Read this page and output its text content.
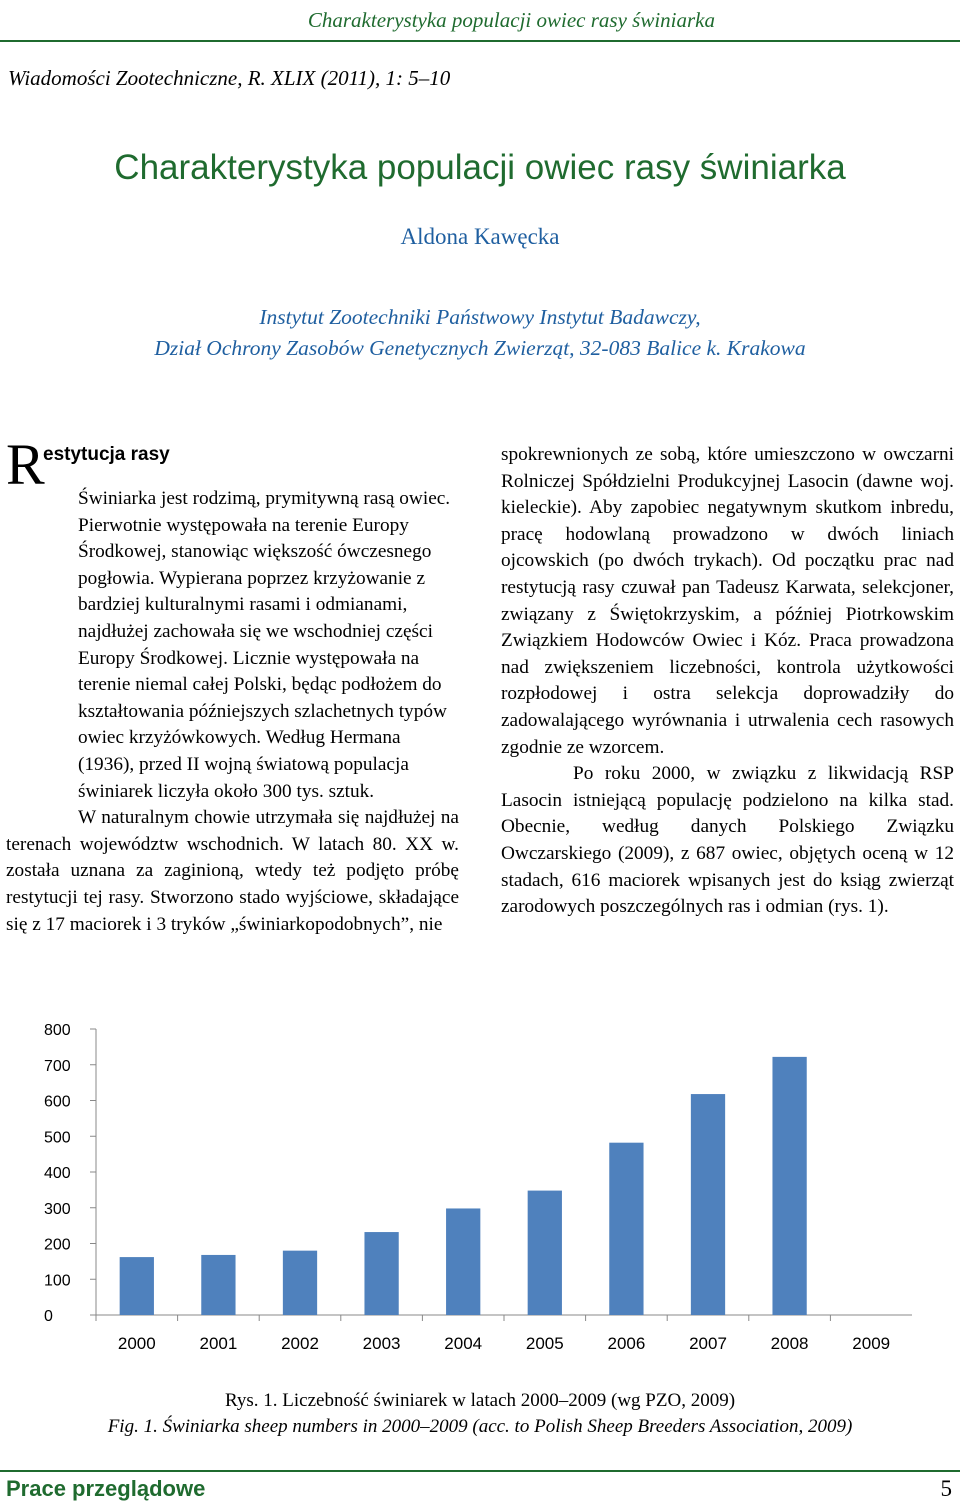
Charakterystyka populacji owiec rasy świniarka
Wiadomości Zootechniczne, R. XLIX (2011), 1: 5–10
Charakterystyka populacji owiec rasy świniarka
Aldona Kawęcka
Instytut Zootechniki Państwowy Instytut Badawczy,
Dział Ochrony Zasobów Genetycznych Zwierząt, 32-083 Balice k. Krakowa
R
estytucja rasy

Świniarka jest rodzimą, prymitywną rasą owiec. Pierwotnie występowała na terenie Europy Środkowej, stanowiąc większość ówczesnego pogłowia. Wypierana poprzez krzyżowanie z bardziej kulturalnymi rasami i odmianami, najdłużej zachowała się we wschodniej części Europy Środkowej. Licznie występowała na terenie niemal całej Polski, będąc podłożem do kształtowania późniejszych szlachetnych typów owiec krzyżówkowych. Według Hermana (1936), przed II wojną światową populacja świniarek liczyła około 300 tys. sztuk.

W naturalnym chowie utrzymała się najdłużej na terenach województw wschodnich. W latach 80. XX w. została uznana za zaginioną, wtedy też podjęto próbę restytucji tej rasy. Stworzono stado wyjściowe, składające się z 17 maciorek i 3 tryków „świniarkopodobnych”, nie

spokrewnionych ze sobą, które umieszczono w owczarni Rolniczej Spółdzielni Produkcyjnej Lasocin (dawne woj. kieleckie). Aby zapobiec negatywnym skutkom inbredu, pracę hodowlaną prowadzono w dwóch liniach ojcowskich (po dwóch trykach). Od początku prac nad restytucją rasy czuwał pan Tadeusz Karwata, selekcjoner, związany z Świętokrzyskim, a później Piotrkowskim Związkiem Hodowców Owiec i Kóz. Praca prowadzona nad zwiększeniem liczebności, kontrola użytkowości rozpłodowej i ostra selekcja doprowadziły do zadowalającego wyrównania i utrwalenia cech rasowych zgodnie ze wzorcem.

Po roku 2000, w związku z likwidacją RSP Lasocin istniejącą populację podzielono na kilka stad. Obecnie, według danych Polskiego Związku Owczarskiego (2009), z 687 owiec, objętych oceną w 12 stadach, 616 maciorek wpisanych jest do ksiąg zwierząt zarodowych poszczególnych ras i odmian (rys. 1).

0
100
200
300
400
500
600
700
800
2000	2001	2002	2003	2004	2005	2006	2007	2008	2009
Rys. 1. Liczebność świniarek w latach 2000–2009 (wg PZO, 2009)
Fig. 1. Świniarka sheep numbers in 2000–2009 (acc. to Polish Sheep Breeders Association, 2009)
Prace przeglądowe	5
